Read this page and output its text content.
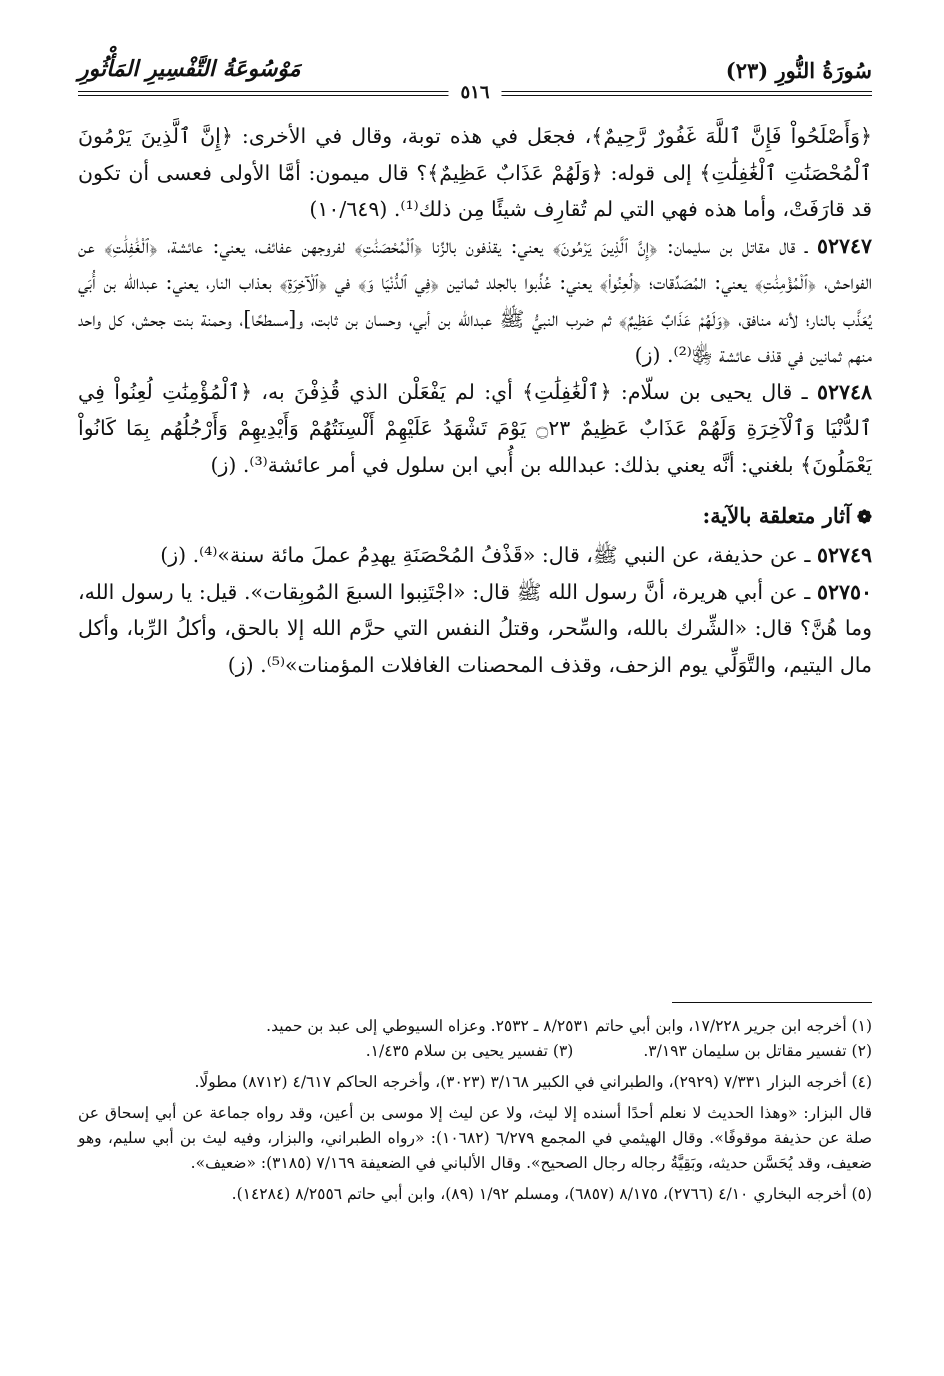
سُورَةُ النُّورِ (٢٣)
٥١٦
مَوْسُوعَةُ التَّفْسِيرِ المَأْثُورِ

﴿وَأَصْلَحُواْ فَإِنَّ ٱللَّهَ غَفُورٌ رَّحِيمٌ﴾، فجعَل في هذه توبة، وقال في الأخرى: ﴿إِنَّ ٱلَّذِينَ يَرْمُونَ ٱلْمُحْصَنَٰتِ ٱلْغَٰفِلَٰتِ﴾ إلى قوله: ﴿وَلَهُمْ عَذَابٌ عَظِيمٌ﴾؟ قال ميمون: أمَّا الأولى فعسى أن تكون قد قارَفَتْ، وأما هذه فهي التي لم تُقارِف شيئًا مِن ذلك⁽¹⁾. (١٠/٦٤٩)

٥٢٧٤٧ ـ قال مقاتل بن سليمان: ﴿إِنَّ ٱلَّذِينَ يَرْمُونَ﴾ يعني: يقذفون بالزِّنا ﴿ٱلْمُحْصَنَٰتِ﴾ لفروجهن عفائف، يعني: عائشة، ﴿ٱلْغَٰفِلَٰتِ﴾ عن الفواحش، ﴿ٱلْمُؤْمِنَٰتِ﴾ يعني: المُصَدِّقات؛ ﴿لُعِنُواْ﴾ يعني: عُذِّبوا بالجلد ثمانين ﴿فِي ٱلدُّنْيَا وَ﴾ في ﴿ٱلْآخِرَةِ﴾ بعذاب النار، يعني: عبدالله بن أُبَي يُعَذَّب بالنار؛ لأنه منافق، ﴿وَلَهُمْ عَذَابٌ عَظِيمٌ﴾ ثم ضرب النبيُّ ﷺ عبدالله بن أبي، وحسان بن ثابت، و[مسطحًا]، وحمنة بنت جحش، كل واحد منهم ثمانين في قذف عائشة ﵂⁽²⁾. (ز)

٥٢٧٤٨ ـ قال يحيى بن سلّام: ﴿ٱلْغَٰفِلَٰتِ﴾ أي: لم يَفْعَلْن الذي قُذِفْنَ به، ﴿ٱلْمُؤْمِنَٰتِ لُعِنُواْ فِي ٱلدُّنْيَا وَٱلْآخِرَةِ وَلَهُمْ عَذَابٌ عَظِيمٌ ۝٢٣ يَوْمَ تَشْهَدُ عَلَيْهِمْ أَلْسِنَتُهُمْ وَأَيْدِيهِمْ وَأَرْجُلُهُم بِمَا كَانُواْ يَعْمَلُونَ﴾ بلغني: أنَّه يعني بذلك: عبدالله بن أُبي ابن سلول في أمر عائشة⁽³⁾. (ز)

❁آثار متعلقة بالآية:

٥٢٧٤٩ ـ عن حذيفة، عن النبي ﷺ، قال: «قَذْفُ المُحْصَنَةِ يهدِمُ عملَ مائة سنة»⁽⁴⁾. (ز)

٥٢٧٥٠ ـ عن أبي هريرة، أنَّ رسول الله ﷺ قال: «اجْتَنِبوا السبعَ المُوبِقات». قيل: يا رسول الله، وما هُنَّ؟ قال: «الشِّرك بالله، والسِّحر، وقتلُ النفس التي حرَّم الله إلا بالحق، وأكلُ الرِّبا، وأكل مال اليتيم، والتَّوَلِّي يوم الزحف، وقذف المحصنات الغافلات المؤمنات»⁽⁵⁾. (ز)

(١) أخرجه ابن جرير ١٧/٢٢٨، وابن أبي حاتم ٨/٢٥٣١ ـ ٢٥٣٢. وعزاه السيوطي إلى عبد بن حميد.

(٢) تفسير مقاتل بن سليمان ٣/١٩٣.
(٣) تفسير يحيى بن سلام ١/٤٣٥.

(٤) أخرجه البزار ٧/٣٣١ (٢٩٢٩)، والطبراني في الكبير ٣/١٦٨ (٣٠٢٣)، وأخرجه الحاكم ٤/٦١٧ (٨٧١٢) مطولًا.

قال البزار: «وهذا الحديث لا نعلم أحدًا أسنده إلا ليث، ولا عن ليث إلا موسى بن أعين، وقد رواه جماعة عن أبي إسحاق عن صلة عن حذيفة موقوفًا». وقال الهيثمي في المجمع ٦/٢٧٩ (١٠٦٨٢): «رواه الطبراني، والبزار، وفيه ليث بن أبي سليم، وهو ضعيف، وقد يُحَسَّن حديثه، وبَقِيَّةُ رجاله رجال الصحيح». وقال الألباني في الضعيفة ٧/١٦٩ (٣١٨٥): «ضعيف».

(٥) أخرجه البخاري ٤/١٠ (٢٧٦٦)، ٨/١٧٥ (٦٨٥٧)، ومسلم ١/٩٢ (٨٩)، وابن أبي حاتم ٨/٢٥٥٦ (١٤٢٨٤).
